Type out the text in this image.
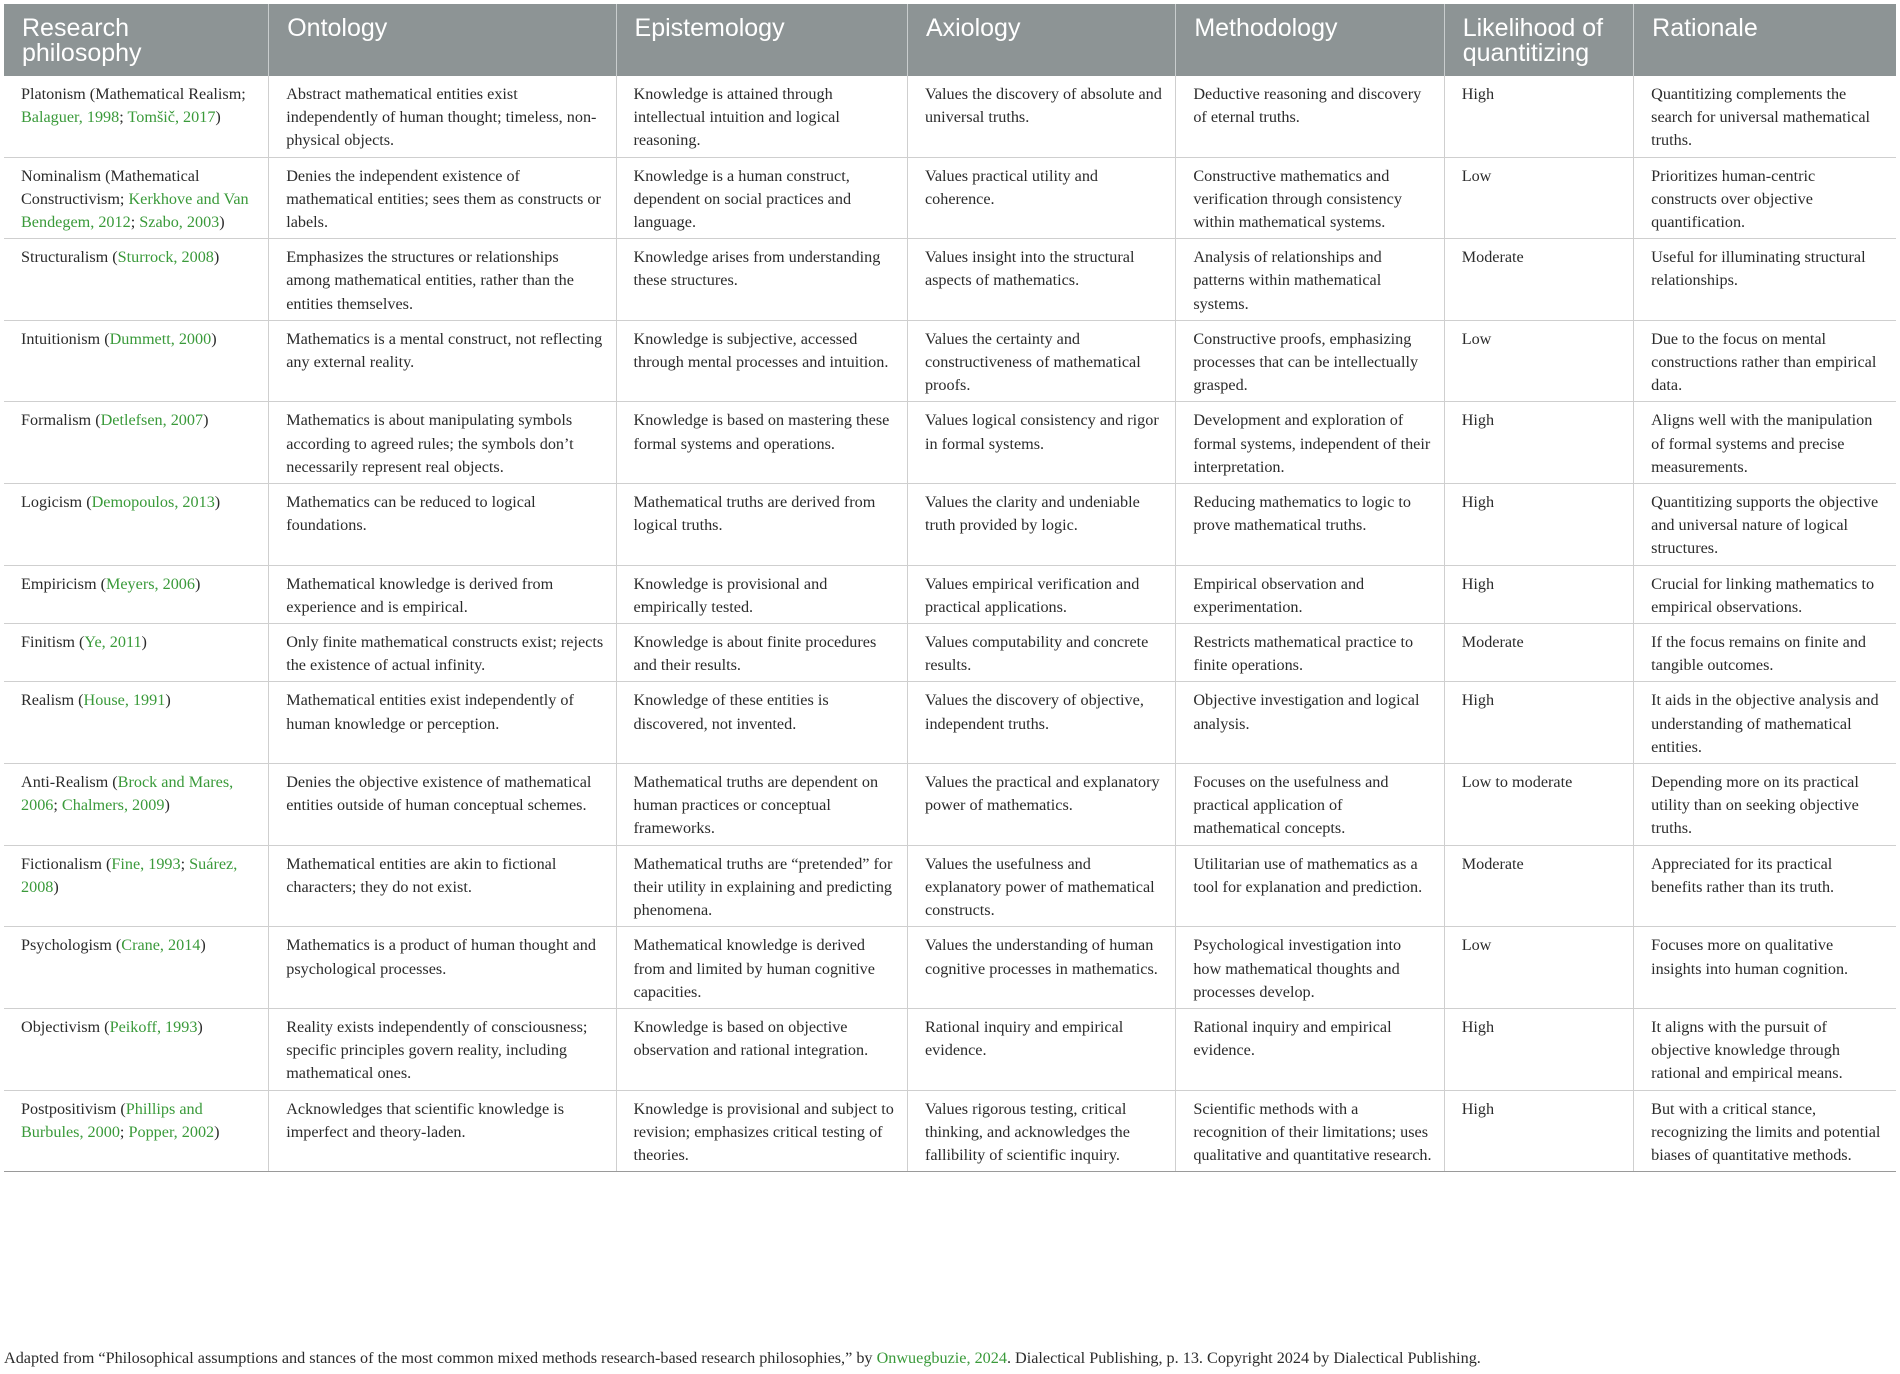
Research philosophy	Ontology	Epistemology	Axiology	Methodology	Likelihood of quantitizing	Rationale
Platonism (Mathematical Realism; Balaguer, 1998; Tomšič, 2017)	Abstract mathematical entities exist independently of human thought; timeless, non-physical objects.	Knowledge is attained through intellectual intuition and logical reasoning.	Values the discovery of absolute and universal truths.	Deductive reasoning and discovery of eternal truths.	High	Quantitizing complements the search for universal mathematical truths.
Nominalism (Mathematical Constructivism; Kerkhove and Van Bendegem, 2012; Szabo, 2003)	Denies the independent existence of mathematical entities; sees them as constructs or labels.	Knowledge is a human construct, dependent on social practices and language.	Values practical utility and coherence.	Constructive mathematics and verification through consistency within mathematical systems.	Low	Prioritizes human-centric constructs over objective quantification.
Structuralism (Sturrock, 2008)	Emphasizes the structures or relationships among mathematical entities, rather than the entities themselves.	Knowledge arises from understanding these structures.	Values insight into the structural aspects of mathematics.	Analysis of relationships and patterns within mathematical systems.	Moderate	Useful for illuminating structural relationships.
Intuitionism (Dummett, 2000)	Mathematics is a mental construct, not reflecting any external reality.	Knowledge is subjective, accessed through mental processes and intuition.	Values the certainty and constructiveness of mathematical proofs.	Constructive proofs, emphasizing processes that can be intellectually grasped.	Low	Due to the focus on mental constructions rather than empirical data.
Formalism (Detlefsen, 2007)	Mathematics is about manipulating symbols according to agreed rules; the symbols don’t necessarily represent real objects.	Knowledge is based on mastering these formal systems and operations.	Values logical consistency and rigor in formal systems.	Development and exploration of formal systems, independent of their interpretation.	High	Aligns well with the manipulation of formal systems and precise measurements.
Logicism (Demopoulos, 2013)	Mathematics can be reduced to logical foundations.	Mathematical truths are derived from logical truths.	Values the clarity and undeniable truth provided by logic.	Reducing mathematics to logic to prove mathematical truths.	High	Quantitizing supports the objective and universal nature of logical structures.
Empiricism (Meyers, 2006)	Mathematical knowledge is derived from experience and is empirical.	Knowledge is provisional and empirically tested.	Values empirical verification and practical applications.	Empirical observation and experimentation.	High	Crucial for linking mathematics to empirical observations.
Finitism (Ye, 2011)	Only finite mathematical constructs exist; rejects the existence of actual infinity.	Knowledge is about finite procedures and their results.	Values computability and concrete results.	Restricts mathematical practice to finite operations.	Moderate	If the focus remains on finite and tangible outcomes.
Realism (House, 1991)	Mathematical entities exist independently of human knowledge or perception.	Knowledge of these entities is discovered, not invented.	Values the discovery of objective, independent truths.	Objective investigation and logical analysis.	High	It aids in the objective analysis and understanding of mathematical entities.
Anti-Realism (Brock and Mares, 2006; Chalmers, 2009)	Denies the objective existence of mathematical entities outside of human conceptual schemes.	Mathematical truths are dependent on human practices or conceptual frameworks.	Values the practical and explanatory power of mathematics.	Focuses on the usefulness and practical application of mathematical concepts.	Low to moderate	Depending more on its practical utility than on seeking objective truths.
Fictionalism (Fine, 1993; Suárez, 2008)	Mathematical entities are akin to fictional characters; they do not exist.	Mathematical truths are “pretended” for their utility in explaining and predicting phenomena.	Values the usefulness and explanatory power of mathematical constructs.	Utilitarian use of mathematics as a tool for explanation and prediction.	Moderate	Appreciated for its practical benefits rather than its truth.
Psychologism (Crane, 2014)	Mathematics is a product of human thought and psychological processes.	Mathematical knowledge is derived from and limited by human cognitive capacities.	Values the understanding of human cognitive processes in mathematics.	Psychological investigation into how mathematical thoughts and processes develop.	Low	Focuses more on qualitative insights into human cognition.
Objectivism (Peikoff, 1993)	Reality exists independently of consciousness; specific principles govern reality, including mathematical ones.	Knowledge is based on objective observation and rational integration.	Rational inquiry and empirical evidence.	Rational inquiry and empirical evidence.	High	It aligns with the pursuit of objective knowledge through rational and empirical means.
Postpositivism (Phillips and Burbules, 2000; Popper, 2002)	Acknowledges that scientific knowledge is imperfect and theory-laden.	Knowledge is provisional and subject to revision; emphasizes critical testing of theories.	Values rigorous testing, critical thinking, and acknowledges the fallibility of scientific inquiry.	Scientific methods with a recognition of their limitations; uses qualitative and quantitative research.	High	But with a critical stance, recognizing the limits and potential biases of quantitative methods.
Adapted from “Philosophical assumptions and stances of the most common mixed methods research-based research philosophies,” by Onwuegbuzie, 2024. Dialectical Publishing, p. 13. Copyright 2024 by Dialectical Publishing.
